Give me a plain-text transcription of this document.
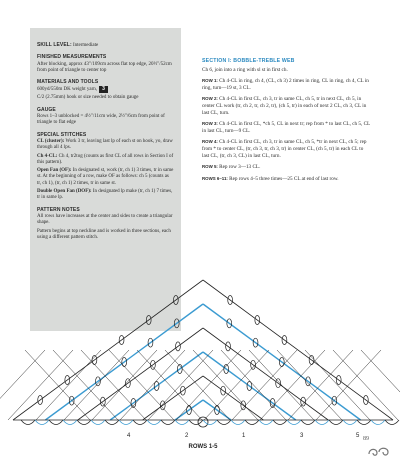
SKILL LEVEL: Intermediate
FINISHED MEASUREMENTS
After blocking, approx 43"/109cm across flat top edge, 20½"/52cm from point of triangle to center top
MATERIALS AND TOOLS
600yd/550m DK weight yarn,	3
C/2 (2.75mm) hook or size needed to obtain gauge
GAUGE
Rows 1–3 unblocked = 4½"/11cm wide, 2½"/6cm from point of triangle to flat edge
SPECIAL STITCHES
CL (cluster): Work 3 tr, leaving last lp of each st on hook, yo, draw through all 4 lps.
Ch 4-CL: Ch 4, tr2tog (counts as first CL of all rows in Section I of this pattern).
Open Fan (OF): In designated st, work (tr, ch 1) 3 times, tr in same st. At the beginning of a row, make OF as follows: ch 5 (counts as tr, ch 1), (tr, ch 1) 2 times, tr in same st.
Double Open Fan (DOF): In designated lp make (tr, ch 1) 7 times, tr in same lp.
PATTERN NOTES
All rows have increases at the center and sides to create a triangular shape.
Pattern begins at top neckline and is worked in three sections, each using a different pattern stitch.
SECTION I: BOBBLE-TREBLE WEB
Ch 6, join into a ring with sl st in first ch.
ROW 1: Ch 4-CL in ring, ch 4, (CL, ch 3) 2 times in ring, CL in ring, ch 4, CL in ring, turn—19 st, 3 CL.
ROW 2: Ch 4-CL in first CL, ch 3, tr in same CL, ch 5, tr in next CL, ch 5, in center CL work (tr, ch 2, tr, ch 2, tr), (ch 5, tr) in each of next 2 CL, ch 3, CL in last CL, turn.
ROW 3: Ch 4-CL in first CL, *ch 5, CL in next tr; rep from * to last CL, ch 5, CL in last CL, turn—9 CL.
ROW 4: Ch 4-CL in first CL, ch 3, tr in same CL, ch 5, *tr in next CL, ch 5; rep from * to center CL, (tr, ch 3, tr, ch 3, tr) in center CL, (ch 5, tr) in each CL to last CL, (tr, ch 3, CL) in last CL, turn.
ROW 5: Rep row 3—13 CL.
ROWS 6–11: Rep rows 4–5 three times—25 CL at end of last row.
4	2	1	3	5
ROWS 1-5
89
